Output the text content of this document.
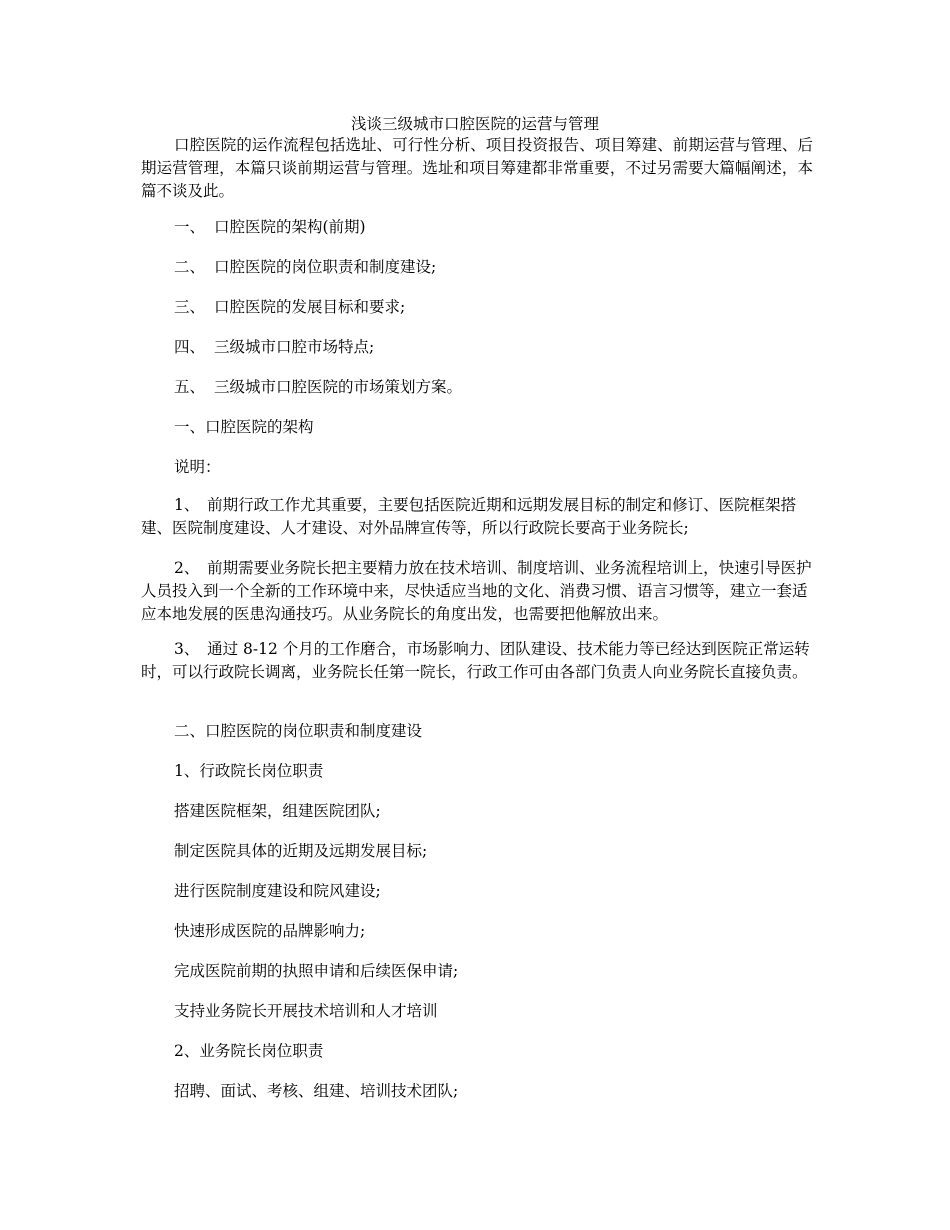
浅谈三级城市口腔医院的运营与管理
口腔医院的运作流程包括选址、可行性分析、项目投资报告、项目筹建、前期运营与管理、后期运营管理，本篇只谈前期运营与管理。选址和项目筹建都非常重要，不过另需要大篇幅阐述，本篇不谈及此。
一、 口腔医院的架构(前期)
二、 口腔医院的岗位职责和制度建设;
三、 口腔医院的发展目标和要求;
四、 三级城市口腔市场特点;
五、 三级城市口腔医院的市场策划方案。
一、口腔医院的架构
说明：
1、　前期行政工作尤其重要，主要包括医院近期和远期发展目标的制定和修订、医院框架搭建、医院制度建设、人才建设、对外品牌宣传等，所以行政院长要高于业务院长;
2、　前期需要业务院长把主要精力放在技术培训、制度培训、业务流程培训上，快速引导医护人员投入到一个全新的工作环境中来，尽快适应当地的文化、消费习惯、语言习惯等，建立一套适应本地发展的医患沟通技巧。从业务院长的角度出发，也需要把他解放出来。
3、　通过 8-12 个月的工作磨合，市场影响力、团队建设、技术能力等已经达到医院正常运转时，可以行政院长调离，业务院长任第一院长，行政工作可由各部门负责人向业务院长直接负责。
二、口腔医院的岗位职责和制度建设
1、行政院长岗位职责
搭建医院框架，组建医院团队;
制定医院具体的近期及远期发展目标;
进行医院制度建设和院风建设;
快速形成医院的品牌影响力;
完成医院前期的执照申请和后续医保申请;
支持业务院长开展技术培训和人才培训
2、业务院长岗位职责
招聘、面试、考核、组建、培训技术团队;
